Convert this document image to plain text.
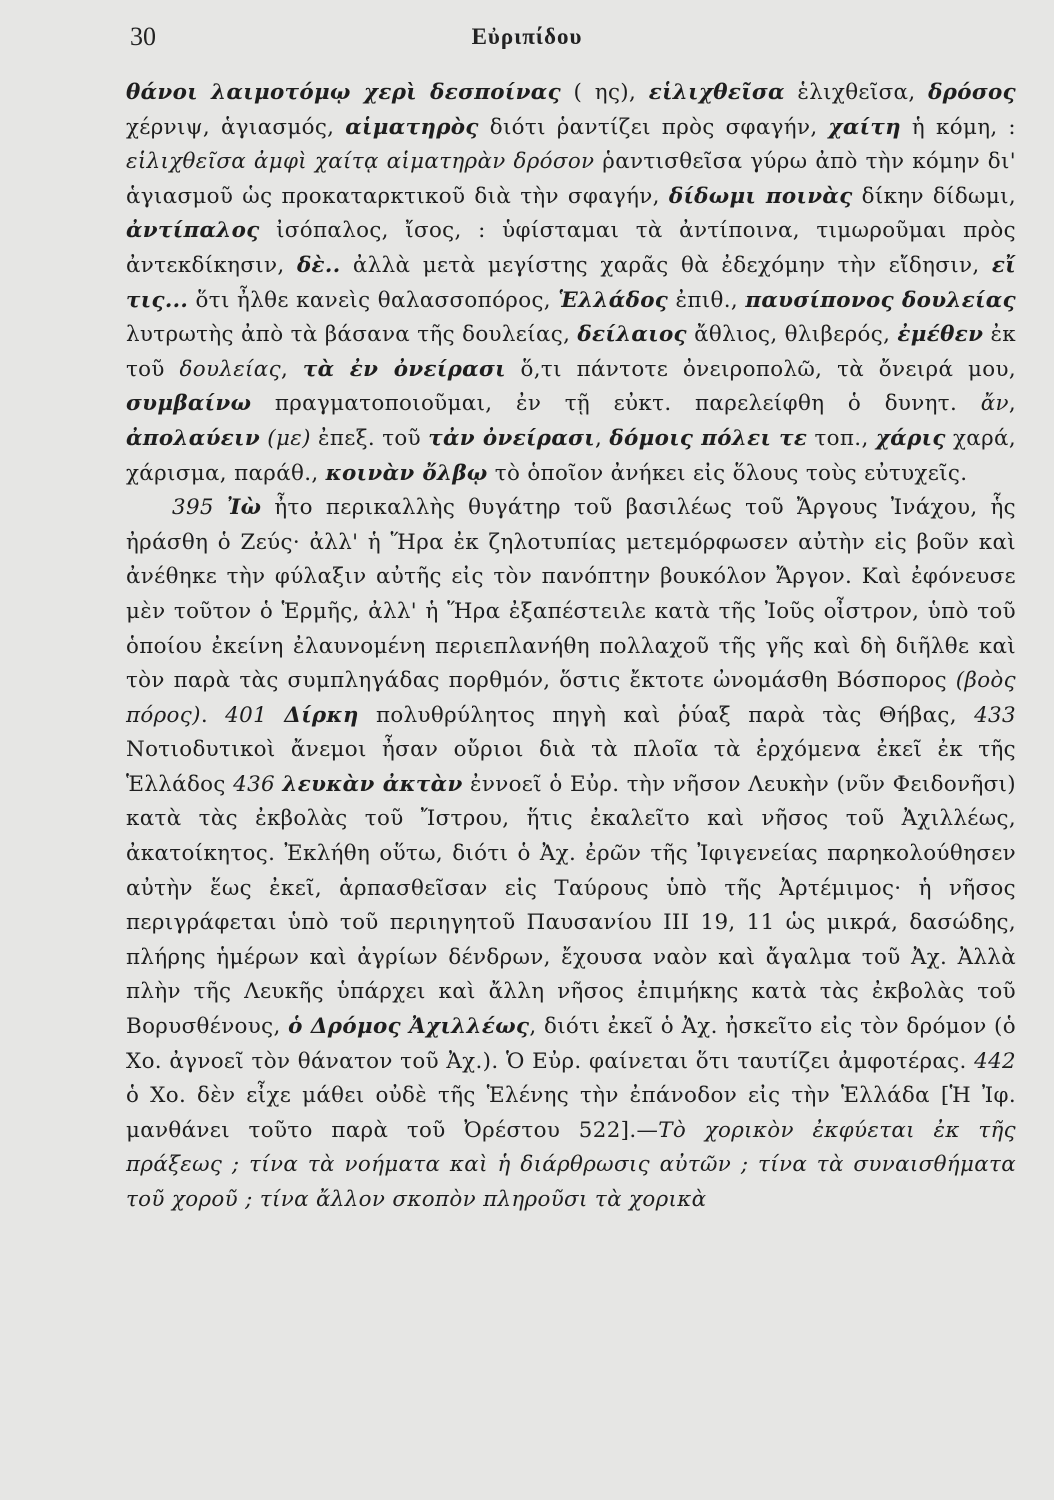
30	Εὐριπίδου

θάνοι λαιμοτόμῳ χερὶ δεσποίνας ( ης), εἱλιχθεῖσα ἑλιχθεῖσα, δρόσος χέρνιψ, ἁγιασμός, αἱματηρὸς διότι ῥαντίζει πρὸς σφαγήν, χαίτη ἡ κόμη, : εἱλιχθεῖσα ἀμφὶ χαίτᾳ αἱματηρὰν δρόσον ῥαντισθεῖσα γύρω ἀπὸ τὴν κόμην δι' ἁγιασμοῦ ὡς προκαταρκτικοῦ διὰ τὴν σφαγήν, δίδωμι ποινὰς δίκην δίδωμι, ἀντίπαλος ἰσόπαλος, ἴσος, : ὑφίσταμαι τὰ ἀντίποινα, τιμωροῦμαι πρὸς ἀντεκδίκησιν, δὲ.. ἀλλὰ μετὰ μεγίστης χαρᾶς θὰ ἐδεχόμην τὴν εἴδησιν, εἴ τις... ὅτι ἦλθε κανεὶς θαλασσοπόρος, Ἑλλάδος ἐπιθ., παυσίπονος δουλείας λυτρωτὴς ἀπὸ τὰ βάσανα τῆς δουλείας, δείλαιος ἄθλιος, θλιβερός, ἐμέθεν ἐκ τοῦ δουλείας, τὰ ἐν ὀνείρασι ὅ,τι πάντοτε ὀνειροπολῶ, τὰ ὄνειρά μου, συμβαίνω πραγματοποιοῦμαι, ἐν τῇ εὐκτ. παρελείφθη ὁ δυνητ. ἄν, ἀπολαύειν (με) ἐπεξ. τοῦ τἀν ὀνείρασι, δόμοις πόλει τε τοπ., χάρις χαρά, χάρισμα, παράθ., κοινὰν ὄλβῳ τὸ ὁποῖον ἀνήκει εἰς ὅλους τοὺς εὐτυχεῖς.

395 Ἰὼ ἦτο περικαλλὴς θυγάτηρ τοῦ βασιλέως τοῦ Ἄργους Ἰνάχου, ἧς ἠράσθη ὁ Ζεύς· ἀλλ' ἡ Ἥρα ἐκ ζηλοτυπίας μετεμόρφωσεν αὐτὴν εἰς βοῦν καὶ ἀνέθηκε τὴν φύλαξιν αὐτῆς εἰς τὸν πανόπτην βουκόλον Ἄργον. Καὶ ἐφόνευσε μὲν τοῦτον ὁ Ἑρμῆς, ἀλλ' ἡ Ἥρα ἐξαπέστειλε κατὰ τῆς Ἰοῦς οἶστρον, ὑπὸ τοῦ ὁποίου ἐκείνη ἐλαυνομένη περιεπλανήθη πολλαχοῦ τῆς γῆς καὶ δὴ διῆλθε καὶ τὸν παρὰ τὰς συμπληγάδας πορθμόν, ὅστις ἔκτοτε ὠνομάσθη Βόσπορος (βοὸς πόρος). 401 Δίρκη πολυθρύλητος πηγὴ καὶ ῥύαξ παρὰ τὰς Θήβας, 433 Νοτιοδυτικοὶ ἄνεμοι ἦσαν οὔριοι διὰ τὰ πλοῖα τὰ ἐρχόμενα ἐκεῖ ἐκ τῆς Ἑλλάδος 436 λευκὰν ἀκτὰν ἐννοεῖ ὁ Εὐρ. τὴν νῆσον Λευκὴν (νῦν Φειδονῆσι) κατὰ τὰς ἐκβολὰς τοῦ Ἴστρου, ἥτις ἐκαλεῖτο καὶ νῆσος τοῦ Ἀχιλλέως, ἀκατοίκητος. Ἐκλήθη οὕτω, διότι ὁ Ἀχ. ἐρῶν τῆς Ἰφιγενείας παρηκολούθησεν αὐτὴν ἕως ἐκεῖ, ἁρπασθεῖσαν εἰς Ταύρους ὑπὸ τῆς Ἀρτέμιμος· ἡ νῆσος περιγράφεται ὑπὸ τοῦ περιηγητοῦ Παυσανίου ΙΙΙ 19, 11 ὡς μικρά, δασώδης, πλήρης ἡμέρων καὶ ἀγρίων δένδρων, ἔχουσα ναὸν καὶ ἄγαλμα τοῦ Ἀχ. Ἀλλὰ πλὴν τῆς Λευκῆς ὑπάρχει καὶ ἄλλη νῆσος ἐπιμήκης κατὰ τὰς ἐκβολὰς τοῦ Βορυσθένους, ὁ Δρόμος Ἀχιλλέως, διότι ἐκεῖ ὁ Ἀχ. ἠσκεῖτο εἰς τὸν δρόμον (ὁ Χο. ἀγνοεῖ τὸν θάνατον τοῦ Ἀχ.). Ὁ Εὐρ. φαίνεται ὅτι ταυτίζει ἀμφοτέρας. 442 ὁ Χο. δὲν εἶχε μάθει οὐδὲ τῆς Ἑλένης τὴν ἐπάνοδον εἰς τὴν Ἑλλάδα [Ἡ Ἰφ. μανθάνει τοῦτο παρὰ τοῦ Ὀρέστου 522].—Τὸ χορικὸν ἐκφύεται ἐκ τῆς πράξεως ; τίνα τὰ νοήματα καὶ ἡ διάρθρωσις αὐτῶν ; τίνα τὰ συναισθήματα τοῦ χοροῦ ; τίνα ἄλλον σκοπὸν πληροῦσι τὰ χορικὰ
